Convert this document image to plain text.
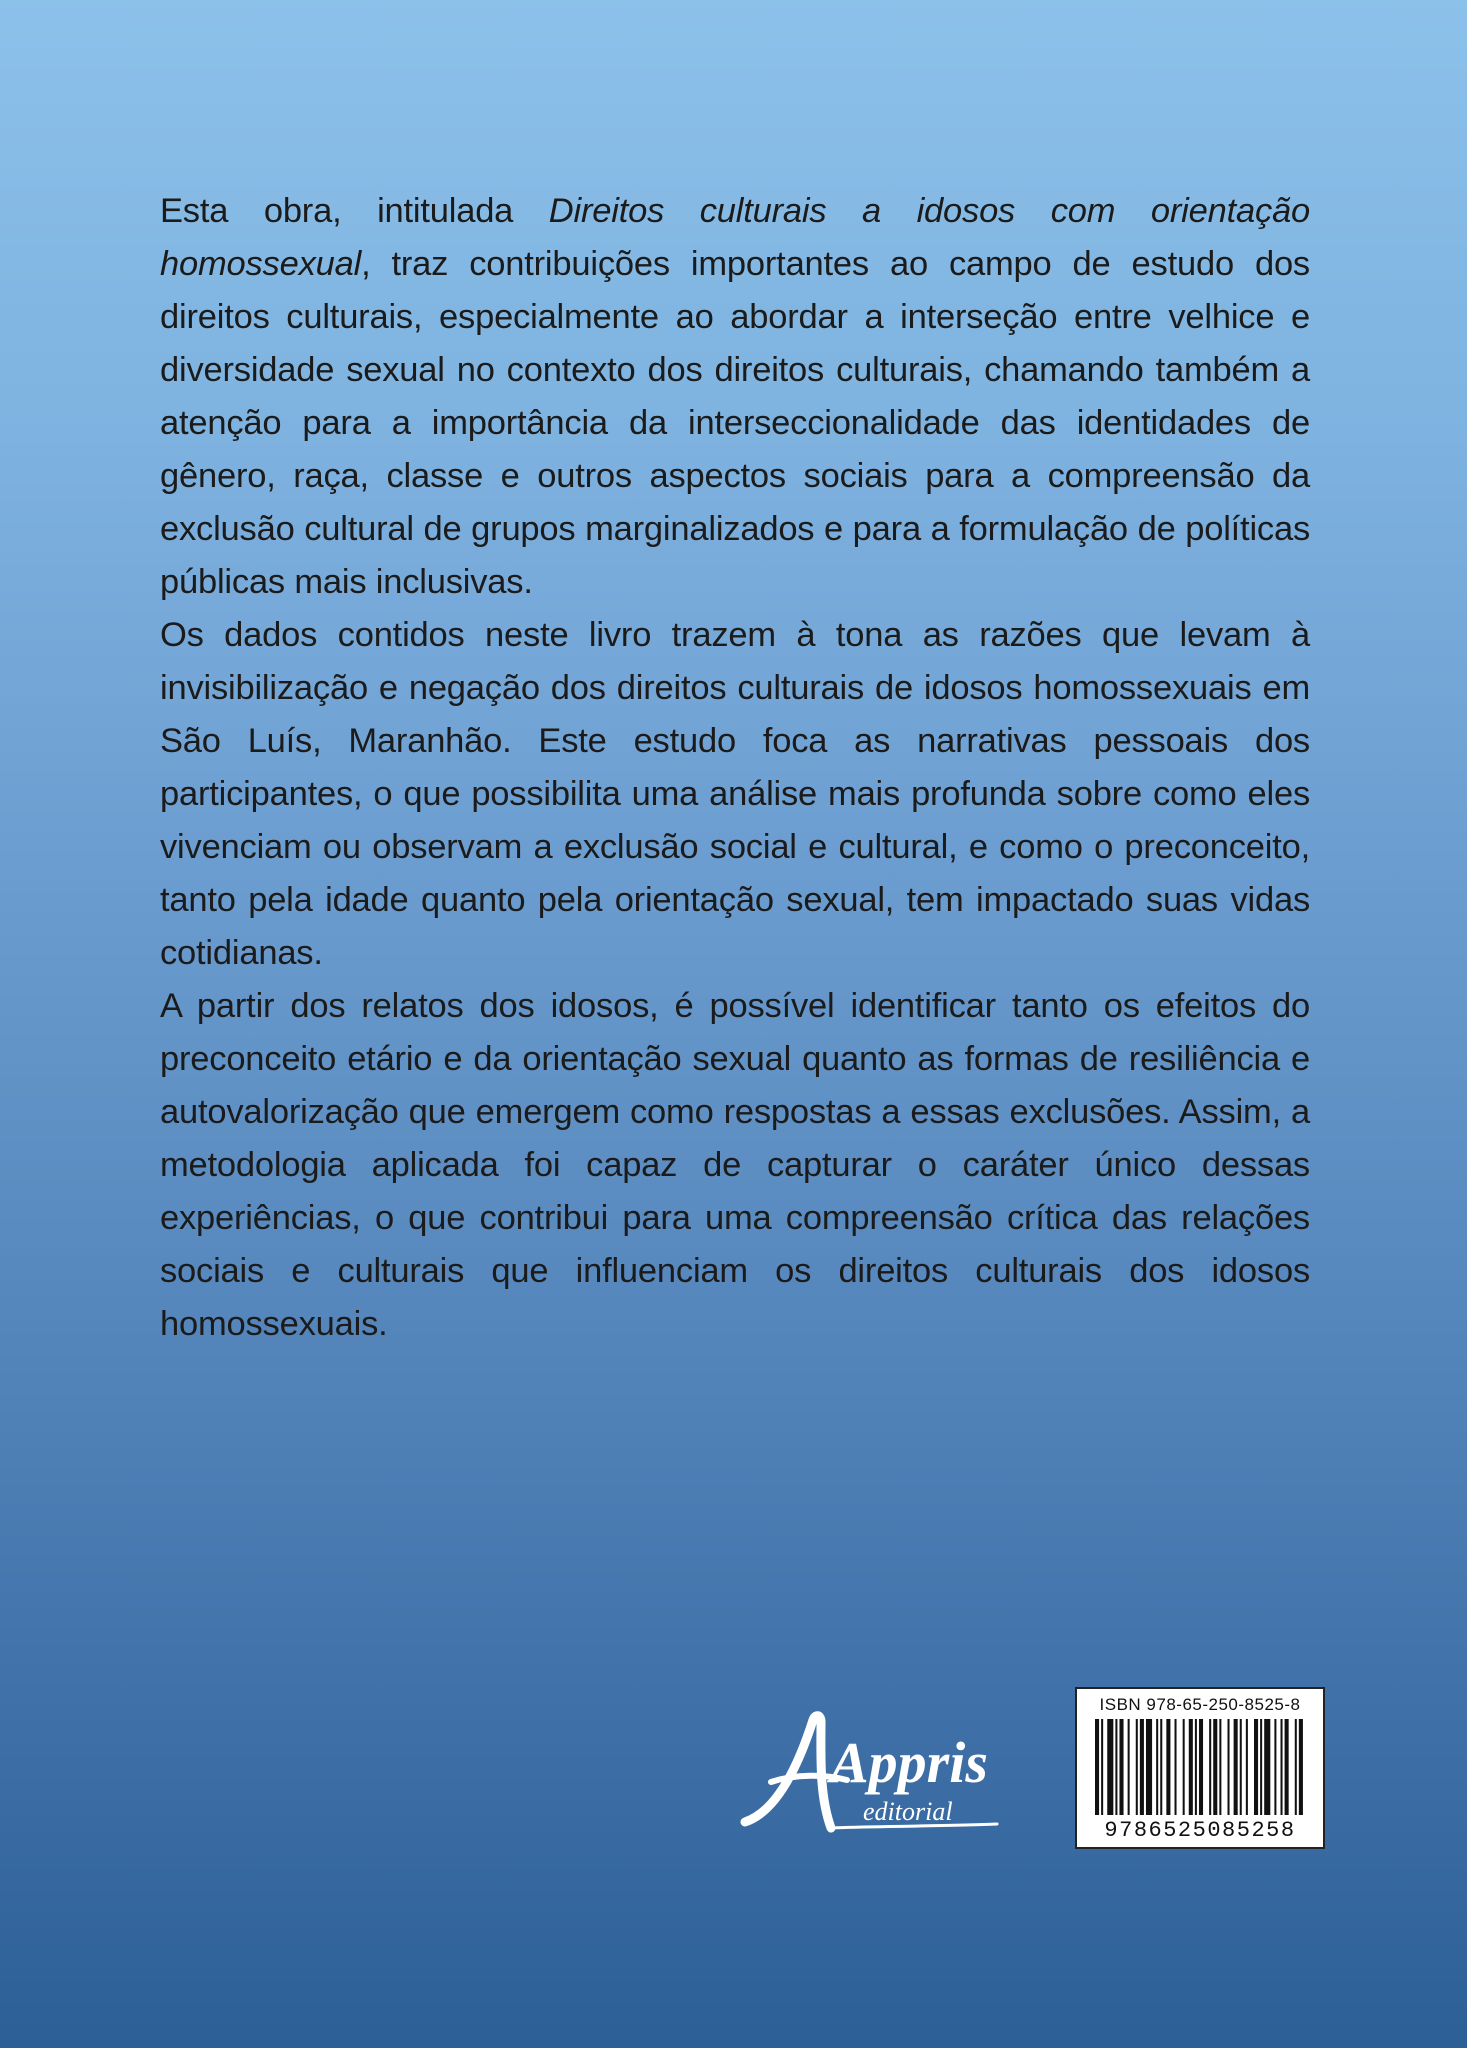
Esta obra, intitulada Direitos culturais a idosos com orientação homossexual, traz contribuições importantes ao campo de estudo dos direitos culturais, especialmente ao abordar a interseção entre velhice e diversidade sexual no contexto dos direitos culturais, chamando também a atenção para a importância da interseccionalidade das identidades de gênero, raça, classe e outros aspectos sociais para a compreensão da exclusão cultural de grupos marginalizados e para a formulação de políticas públicas mais inclusivas.

Os dados contidos neste livro trazem à tona as razões que levam à invisibilização e negação dos direitos culturais de idosos homossexuais em São Luís, Maranhão. Este estudo foca as narrativas pessoais dos participantes, o que possibilita uma análise mais profunda sobre como eles vivenciam ou observam a exclusão social e cultural, e como o preconceito, tanto pela idade quanto pela orientação sexual, tem impactado suas vidas cotidianas.

A partir dos relatos dos idosos, é possível identificar tanto os efeitos do preconceito etário e da orientação sexual quanto as formas de resiliência e autovalorização que emergem como respostas a essas exclusões. Assim, a metodologia aplicada foi capaz de capturar o caráter único dessas experiências, o que contribui para uma compreensão crítica das relações sociais e culturais que influenciam os direitos culturais dos idosos homossexuais.

Appris
editorial
ISBN 978-65-250-8525-8
9786525085258
